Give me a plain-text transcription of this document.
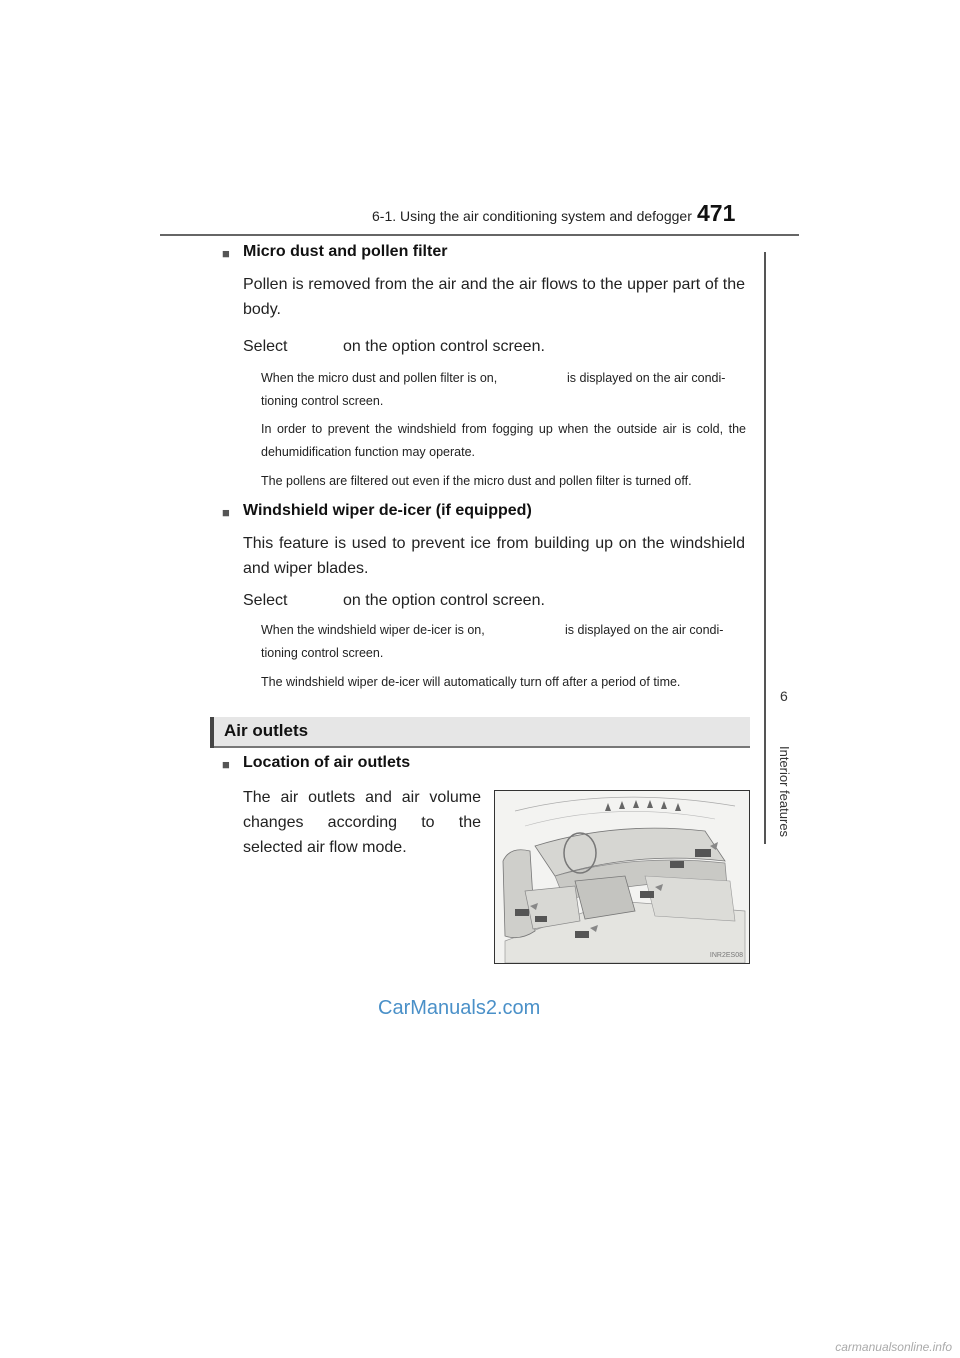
6-1. Using the air conditioning system and defogger 471
6
Interior features
■ Micro dust and pollen filter
Pollen is removed from the air and the air flows to the upper part of the body.
Select	on the option control screen.
When the micro dust and pollen filter is on,	is displayed on the air condi-
tioning control screen.
In order to prevent the windshield from fogging up when the outside air is cold, the dehumidification function may operate.
The pollens are filtered out even if the micro dust and pollen filter is turned off.
■ Windshield wiper de-icer (if equipped)
This feature is used to prevent ice from building up on the windshield and wiper blades.
Select	on the option control screen.
When the windshield wiper de-icer is on,	is displayed on the air condi-
tioning control screen.
The windshield wiper de-icer will automatically turn off after a period of time.
Air outlets
■ Location of air outlets
The air outlets and air volume changes according to the selected air flow mode.
INR2ES08
CarManuals2.com
carmanualsonline.info
